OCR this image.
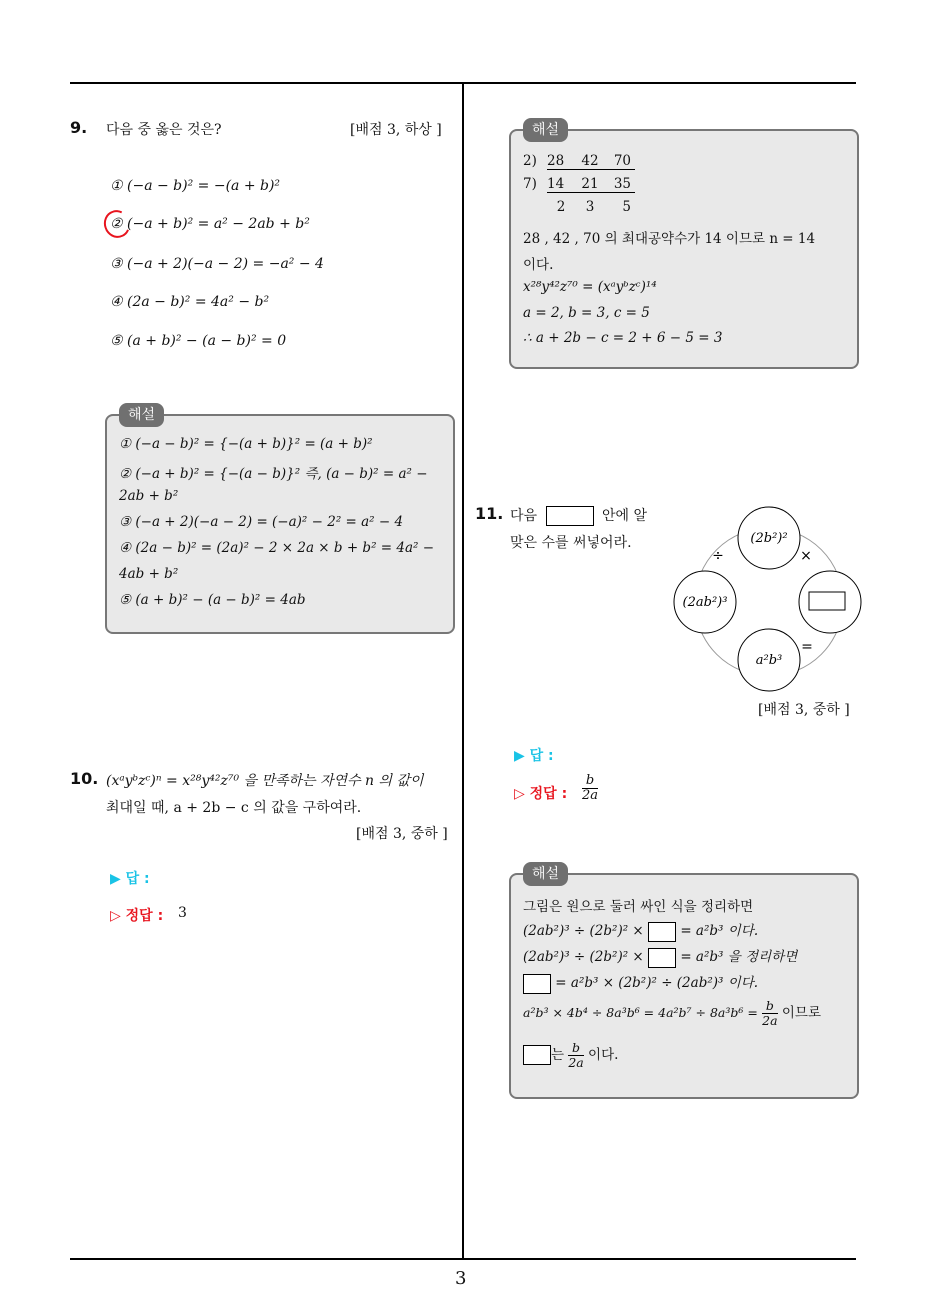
3
9. 다음 중 옳은 것은?	[배점 3, 하상 ]
① (−a − b)² = −(a + b)²
② (−a + b)² = a² − 2ab + b²
③ (−a + 2)(−a − 2) = −a² − 4
④ (2a − b)² = 4a² − b²
⑤ (a + b)² − (a − b)² = 0
해설
① (−a − b)² = {−(a + b)}² = (a + b)²
② (−a + b)² = {−(a − b)}² 즉, (a − b)² = a² −
2ab + b²
③ (−a + 2)(−a − 2) = (−a)² − 2² = a² − 4
④ (2a − b)² = (2a)² − 2 × 2a × b + b² = 4a² −
4ab + b²
⑤ (a + b)² − (a − b)² = 4ab
10. (xᵃyᵇzᶜ)ⁿ = x²⁸y⁴²z⁷⁰ 을 만족하는 자연수 n 의 값이
최대일 때, a + 2b − c 의 값을 구하여라.
[배점 3, 중하 ]
▶ 답 :
▷ 정답 : 3
해설
2) 28	42	70
7) 14	21	35
2	3	5
28 , 42 , 70 의 최대공약수가 14 이므로 n = 14
이다.
x²⁸y⁴²z⁷⁰ = (xᵃyᵇzᶜ)¹⁴
a = 2, b = 3, c = 5
∴ a + 2b − c = 2 + 6 − 5 = 3
11. 다음	안에 알
맞은 수를 써넣어라.	(2b²)²
(2ab²)³
a²b³
÷	×
=
[배점 3, 중하 ]
▶ 답 :
▷ 정답 : $\frac{b}{2a}$
해설
그림은 원으로 둘러 싸인 식을 정리하면
(2ab²)³ ÷ (2b²)² ×	= a²b³ 이다.
(2ab²)³ ÷ (2b²)² ×	= a²b³ 을 정리하면
= a²b³ × (2b²)² ÷ (2ab²)³ 이다.
$a^2b^3 \times 4b^4 \div 8a^3b^6 = 4a^2b^7 \div 8a^3b^6 = \frac{b}{2a}$ 이므로
는 $\frac{b}{2a}$ 이다.
